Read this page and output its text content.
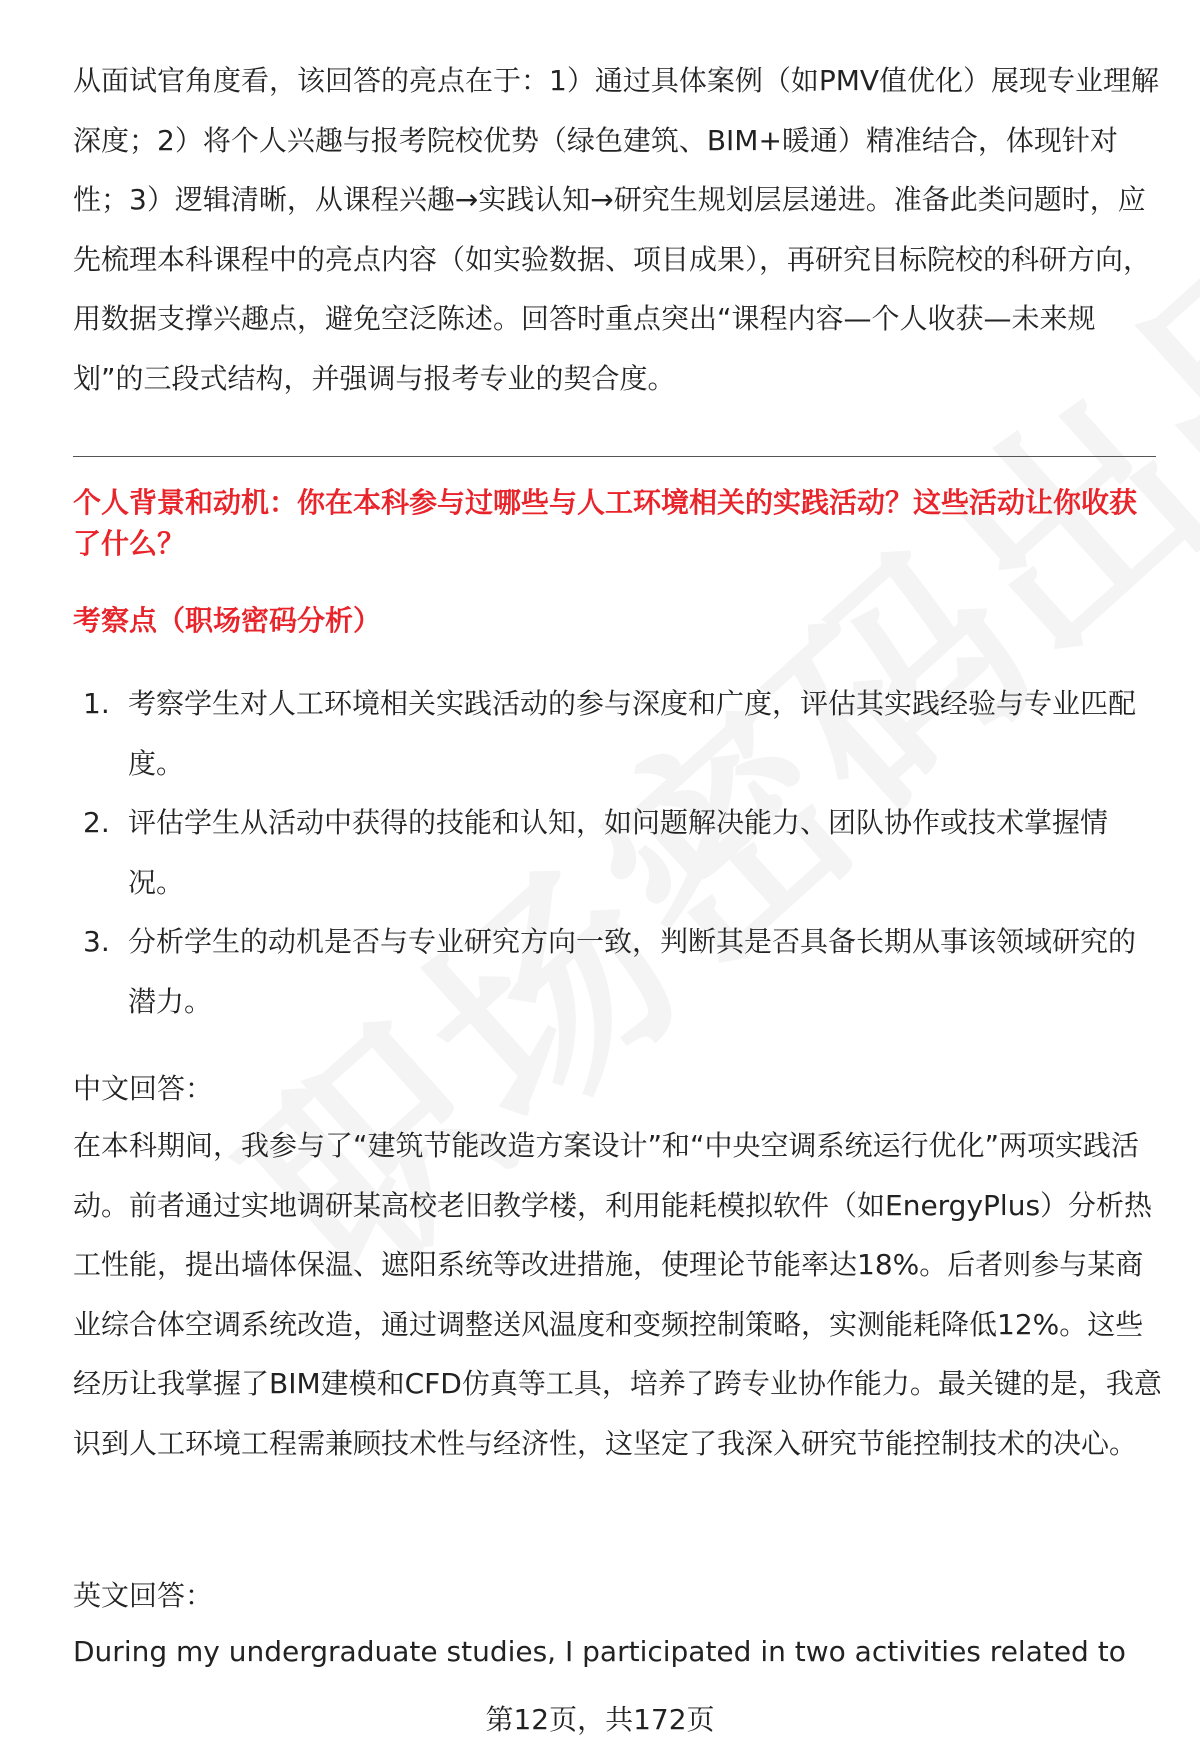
从面试官角度看，该回答的亮点在于：1）通过具体案例（如PMV值优化）展现专业理解深度；2）将个人兴趣与报考院校优势（绿色建筑、BIM+暖通）精准结合，体现针对性；3）逻辑清晰，从课程兴趣→实践认知→研究生规划层层递进。准备此类问题时，应先梳理本科课程中的亮点内容（如实验数据、项目成果），再研究目标院校的科研方向，用数据支撑兴趣点，避免空泛陈述。回答时重点突出“课程内容—个人收获—未来规划”的三段式结构，并强调与报考专业的契合度。

个人背景和动机：你在本科参与过哪些与人工环境相关的实践活动？这些活动让你收获了什么？

考察点（职场密码分析）

1. 考察学生对人工环境相关实践活动的参与深度和广度，评估其实践经验与专业匹配度。
2. 评估学生从活动中获得的技能和认知，如问题解决能力、团队协作或技术掌握情况。
3. 分析学生的动机是否与专业研究方向一致，判断其是否具备长期从事该领域研究的潜力。

中文回答：

在本科期间，我参与了“建筑节能改造方案设计”和“中央空调系统运行优化”两项实践活动。前者通过实地调研某高校老旧教学楼，利用能耗模拟软件（如EnergyPlus）分析热工性能，提出墙体保温、遮阳系统等改进措施，使理论节能率达18%。后者则参与某商业综合体空调系统改造，通过调整送风温度和变频控制策略，实测能耗降低12%。这些经历让我掌握了BIM建模和CFD仿真等工具，培养了跨专业协作能力。最关键的是，我意识到人工环境工程需兼顾技术性与经济性，这坚定了我深入研究节能控制技术的决心。

英文回答：

During my undergraduate studies, I participated in two activities related to

第12页，共172页
